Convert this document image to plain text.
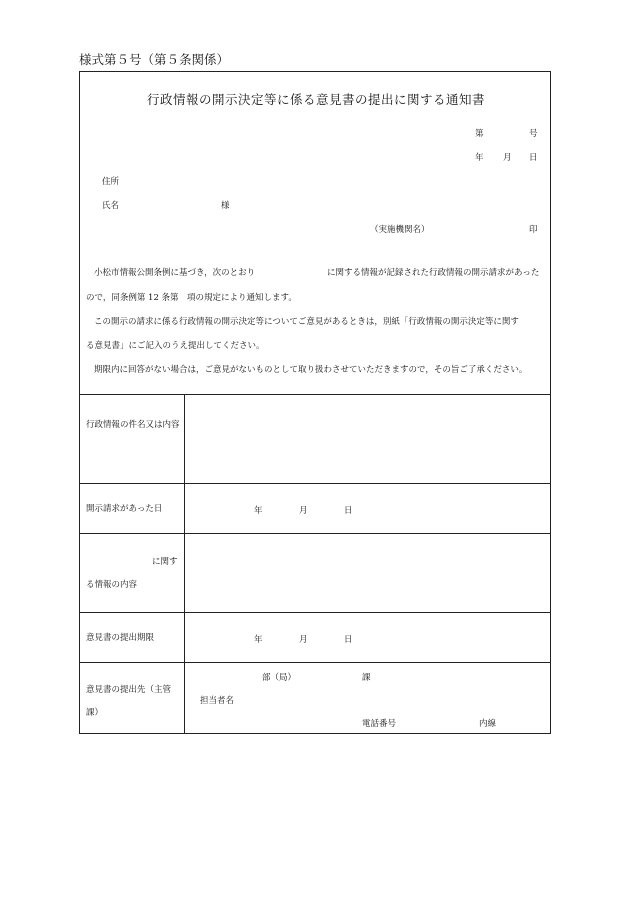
様式第５号（第５条関係）
行政情報の開示決定等に係る意見書の提出に関する通知書
第	号
年 月 日
住所
氏名	様
（実施機関名）	印
小松市情報公開条例に基づき，次のとおり	に関する情報が記録された行政情報の開示請求があった
ので，同条例第 12 条第　項の規定により通知します。
この開示の請求に係る行政情報の開示決定等についてご意見があるときは，別紙「行政情報の開示決定等に関す
る意見書」にご記入のうえ提出してください。
期限内に回答がない場合は，ご意見がないものとして取り扱わさせていただきますので，その旨ご了承ください。
行政情報の件名又は内容
開示請求があった日	年	月	日
に関す
る情報の内容
意見書の提出期限	年	月	日
意見書の提出先（主管課）
部（局）	課
担当者名
電話番号	内線
